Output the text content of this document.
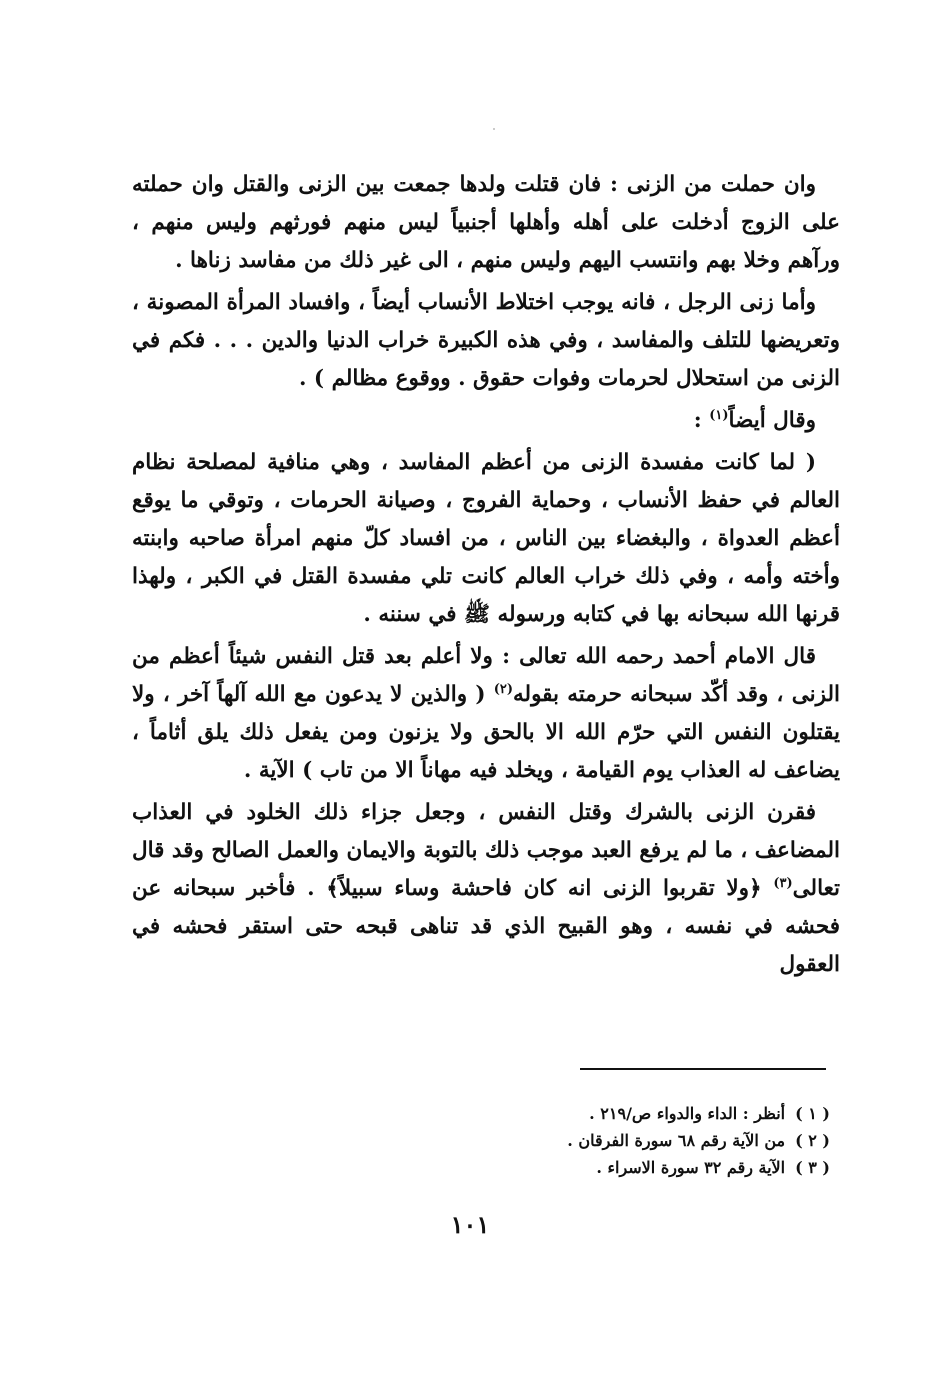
وان حملت من الزنى : فان قتلت ولدها جمعت بين الزنى والقتل وان حملته على الزوج أدخلت على أهله وأهلها أجنبياً ليس منهم فورثهم وليس منهم ، ورآهم وخلا بهم وانتسب اليهم وليس منهم ، الى غير ذلك من مفاسد زناها .

وأما زنى الرجل ، فانه يوجب اختلاط الأنساب أيضاً ، وافساد المرأة المصونة ، وتعريضها للتلف والمفاسد ، وفي هذه الكبيرة خراب الدنيا والدين . . . فكم في الزنى من استحلال لحرمات وفوات حقوق . ووقوع مظالم ) .

وقال أيضاً$^{(١)}$ :

( لما كانت مفسدة الزنى من أعظم المفاسد ، وهي منافية لمصلحة نظام العالم في حفظ الأنساب ، وحماية الفروج ، وصيانة الحرمات ، وتوقي ما يوقع أعظم العدواة ، والبغضاء بين الناس ، من افساد كلّ منهم امرأة صاحبه وابنته وأخته وأمه ، وفي ذلك خراب العالم كانت تلي مفسدة القتل في الكبر ، ولهذا قرنها الله سبحانه بها في كتابه ورسوله ﷺ في سننه .

قال الامام أحمد رحمه الله تعالى : ولا أعلم بعد قتل النفس شيئاً أعظم من الزنى ، وقد أكّد سبحانه حرمته بقوله$^{(٢)}$ ( والذين لا يدعون مع الله آلهاً آخر ، ولا يقتلون النفس التي حرّم الله الا بالحق ولا يزنون ومن يفعل ذلك يلق أثاماً ، يضاعف له العذاب يوم القيامة ، ويخلد فيه مهاناً الا من تاب ) الآية .

فقرن الزنى بالشرك وقتل النفس ، وجعل جزاء ذلك الخلود في العذاب المضاعف ، ما لم يرفع العبد موجب ذلك بالتوبة والايمان والعمل الصالح وقد قال تعالى$^{(٣)}$ ﴿ولا تقربوا الزنى انه كان فاحشة وساء سبيلاً﴾ . فأخبر سبحانه عن فحشه في نفسه ، وهو القبيح الذي قد تناهى قبحه حتى استقر فحشه في العقول

( ١ )أنظر : الداء والدواء ص/٢١٩ .

( ٢ )من الآية رقم ٦٨ سورة الفرقان .

( ٣ )الآية رقم ٣٢ سورة الاسراء .

١٠١
